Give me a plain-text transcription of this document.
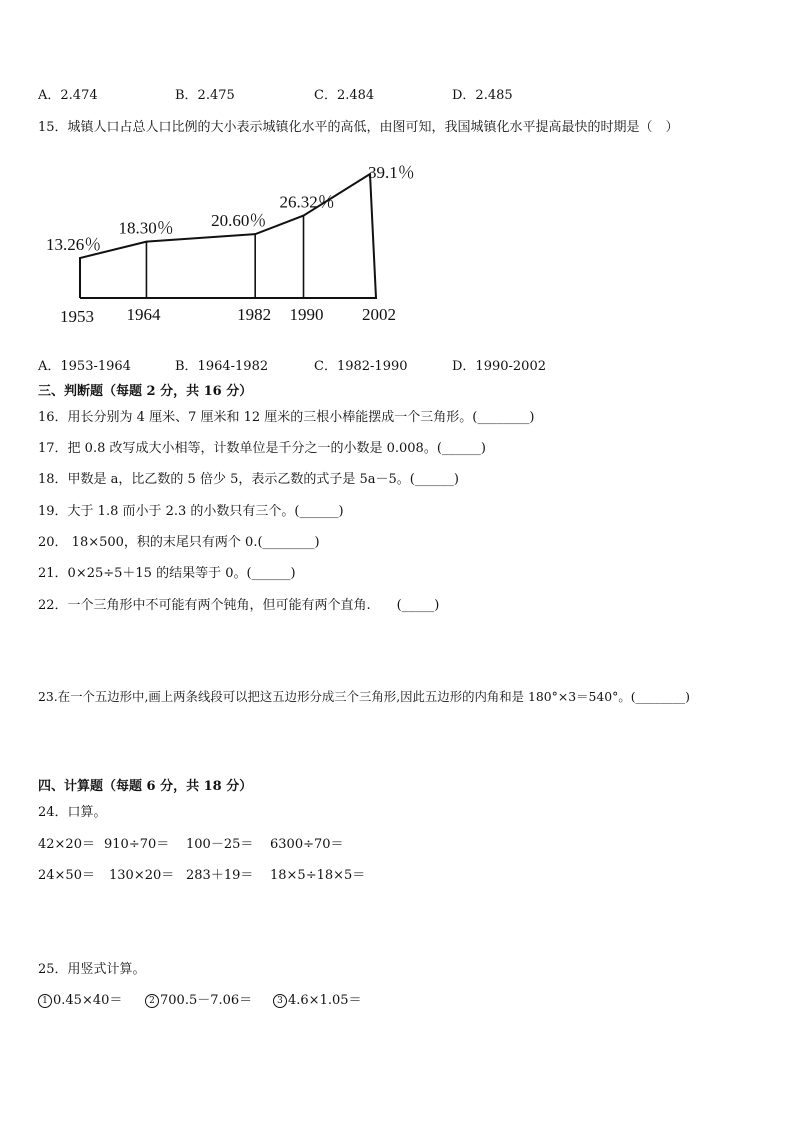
A．2.474	B．2.475	C．2.484	D．2.485
15．城镇人口占总人口比例的大小表示城镇化水平的高低，由图可知，我国城镇化水平提高最快的时期是（　）
13.26％
18.30％ 20.60％
26.32％
39.1％
1953 1964	1982 1990 2002
A．1953-1964	B．1964-1982	C．1982-1990	D．1990-2002
三、判断题（每题 2 分，共 16 分）
16．用长分别为 4 厘米、7 厘米和 12 厘米的三根小棒能摆成一个三角形。(________)
17．把 0.8 改写成大小相等，计数单位是千分之一的小数是 0.008。(______)
18．甲数是 a，比乙数的 5 倍少 5，表示乙数的式子是 5a－5。(______)
19．大于 1.8 而小于 2.3 的小数只有三个。(______)
20． 18×500，积的末尾只有两个 0.(________)
21．0×25÷5＋15 的结果等于 0。(______)
22．一个三角形中不可能有两个钝角，但可能有两个直角.　　(_____)
23.在一个五边形中,画上两条线段可以把这五边形分成三个三角形,因此五边形的内角和是 180°×3＝540°。(________)
四、计算题（每题 6 分，共 18 分）
24．口算。
42×20＝ 910÷70＝ 100－25＝ 6300÷70＝
24×50＝ 130×20＝ 283＋19＝ 18×5÷18×5＝
25．用竖式计算。
1 0.45×40＝	2 700.5－7.06＝	3 4.6×1.05＝
